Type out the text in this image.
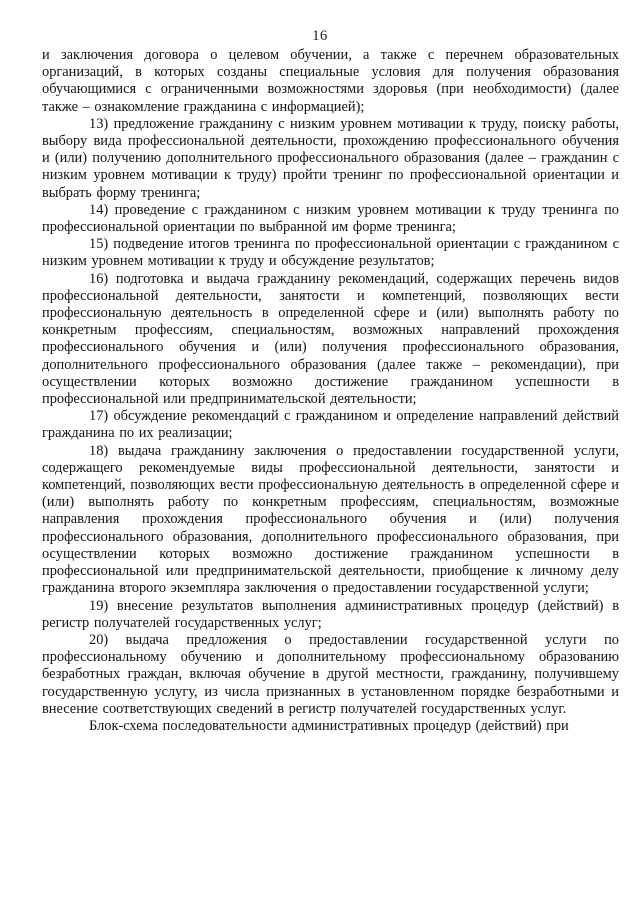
16

и заключения договора о целевом обучении, а также с перечнем образовательных организаций, в которых созданы специальные условия для получения образования обучающимися с ограниченными возможностями здоровья (при необходимости) (далее также – ознакомление гражданина с информацией);

13) предложение гражданину с низким уровнем мотивации к труду, поиску работы, выбору вида профессиональной деятельности, прохождению профессионального обучения и (или) получению дополнительного профессионального образования (далее – гражданин с низким уровнем мотивации к труду) пройти тренинг по профессиональной ориентации и выбрать форму тренинга;

14) проведение с гражданином с низким уровнем мотивации к труду тренинга по профессиональной ориентации по выбранной им форме тренинга;

15) подведение итогов тренинга по профессиональной ориентации с гражданином с низким уровнем мотивации к труду и обсуждение результатов;

16) подготовка и выдача гражданину рекомендаций, содержащих перечень видов профессиональной деятельности, занятости и компетенций, позволяющих вести профессиональную деятельность в определенной сфере и (или) выполнять работу по конкретным профессиям, специальностям, возможных направлений прохождения профессионального обучения и (или) получения профессионального образования, дополнительного профессионального образования (далее также – рекомендации), при осуществлении которых возможно достижение гражданином успешности в профессиональной или предпринимательской деятельности;

17) обсуждение рекомендаций с гражданином и определение направлений действий гражданина по их реализации;

18) выдача гражданину заключения о предоставлении государственной услуги, содержащего рекомендуемые виды профессиональной деятельности, занятости и компетенций, позволяющих вести профессиональную деятельность в определенной сфере и (или) выполнять работу по конкретным профессиям, специальностям, возможные направления прохождения профессионального обучения и (или) получения профессионального образования, дополнительного профессионального образования, при осуществлении которых возможно достижение гражданином успешности в профессиональной или предпринимательской деятельности, приобщение к личному делу гражданина второго экземпляра заключения о предоставлении государственной услуги;

19) внесение результатов выполнения административных процедур (действий) в регистр получателей государственных услуг;

20) выдача предложения о предоставлении государственной услуги по профессиональному обучению и дополнительному профессиональному образованию безработных граждан, включая обучение в другой местности, гражданину, получившему государственную услугу, из числа признанных в установленном порядке безработными и внесение соответствующих сведений в регистр получателей государственных услуг.

Блок-схема последовательности административных процедур (действий) при
